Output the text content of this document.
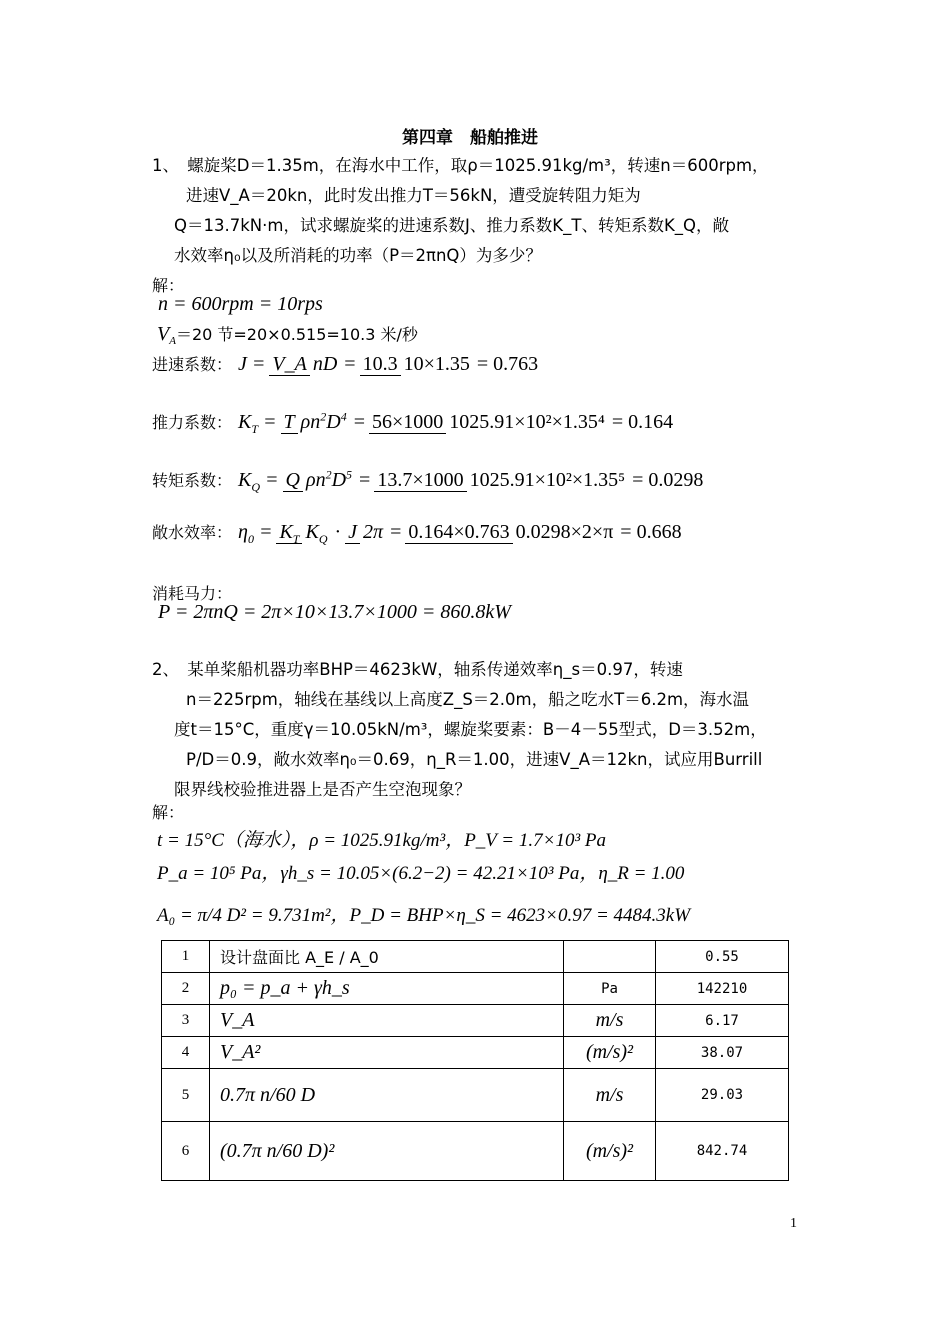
第四章　船舶推进
1、　螺旋桨D＝1.35m，在海水中工作，取ρ＝1025.91kg/m³，转速n＝600rpm，
进速V_A＝20kn，此时发出推力T＝56kN，遭受旋转阻力矩为
Q＝13.7kN·m，试求螺旋桨的进速系数J、推力系数K_T、转矩系数K_Q，敞
水效率η₀以及所消耗的功率（P＝2πnQ）为多少？
解：
n = 600rpm = 10rps
$V_A=20$ 节=20×0.515=10.3 米/秒
进速系数： J = V_A nD = 10.3 10×1.35 = 0.763
推力系数： $K_T = T$ $\rho n^2D^4 = 56\times 1000$ 1025.91×10²×1.35⁴ = 0.164
转矩系数： $K_Q = Q$ $\rho n^2D^5 = 13.7\times 1000$ 1025.91×10²×1.35⁵ = 0.0298
敞水效率： $\eta_0 = K_T$ $K_Q \cdot J$ 2π = 0.164×0.763 0.0298×2×π = 0.668
消耗马力：
P = 2πnQ = 2π×10×13.7×1000 = 860.8kW
2、　某单桨船机器功率BHP＝4623kW，轴系传递效率η_s＝0.97，转速
n＝225rpm，轴线在基线以上高度Z_S＝2.0m，船之吃水T＝6.2m，海水温
度t＝15°C，重度γ＝10.05kN/m³，螺旋桨要素：B－4－55型式，D＝3.52m，
P/D＝0.9，敞水效率η₀＝0.69，η_R＝1.00，进速V_A＝12kn，试应用Burrill
限界线校验推进器上是否产生空泡现象？
解：
t = 15°C（海水），ρ = 1025.91kg/m³，P_V = 1.7×10³ Pa
P_a = 10⁵ Pa，γh_s = 10.05×(6.2−2) = 42.21×10³ Pa，η_R = 1.00
A₀ = π/4 D² = 9.731m²，P_D = BHP×η_S = 4623×0.97 = 4484.3kW
1	设计盘面比 A_E / A_0		0.55
2	p₀ = p_a + γh_s	Pa	142210
3	V_A	m/s	6.17
4	V_A²	(m/s)²	38.07
5	0.7π n/60 D	m/s	29.03
6	(0.7π n/60 D)²	(m/s)²	842.74
1
